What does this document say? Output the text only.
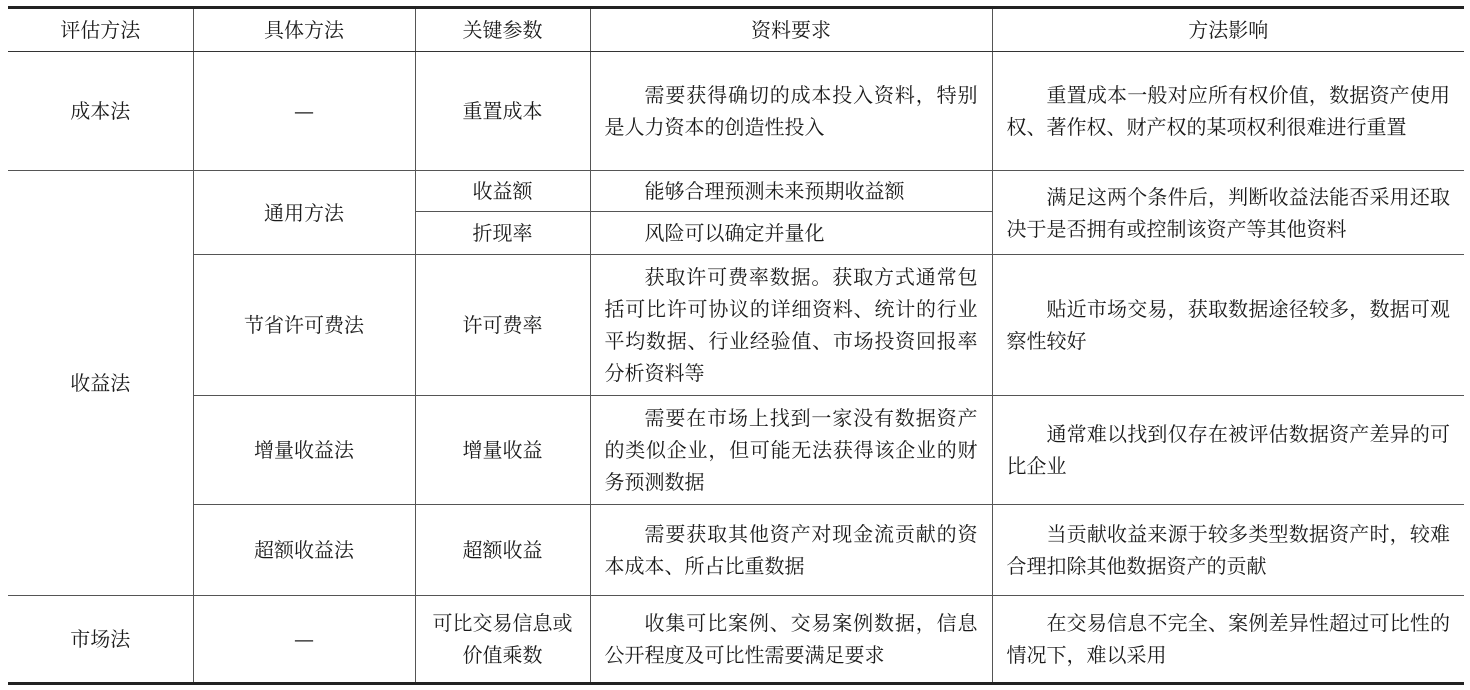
评估方法	具体方法	关键参数	资料要求	方法影响
成本法	—	重置成本	需要获得确切的成本投入资料，特别是人力资本的创造性投入	重置成本一般对应所有权价值，数据资产使用权、著作权、财产权的某项权利很难进行重置
收益法	通用方法	收益额	能够合理预测未来预期收益额	满足这两个条件后，判断收益法能否采用还取决于是否拥有或控制该资产等其他资料
		折现率	风险可以确定并量化	
	节省许可费法	许可费率	获取许可费率数据。获取方式通常包括可比许可协议的详细资料、统计的行业平均数据、行业经验值、市场投资回报率分析资料等	贴近市场交易，获取数据途径较多，数据可观察性较好
	增量收益法	增量收益	需要在市场上找到一家没有数据资产的类似企业，但可能无法获得该企业的财务预测数据	通常难以找到仅存在被评估数据资产差异的可比企业
	超额收益法	超额收益	需要获取其他资产对现金流贡献的资本成本、所占比重数据	当贡献收益来源于较多类型数据资产时，较难合理扣除其他数据资产的贡献
市场法	—	可比交易信息或价值乘数	收集可比案例、交易案例数据，信息公开程度及可比性需要满足要求	在交易信息不完全、案例差异性超过可比性的情况下，难以采用
